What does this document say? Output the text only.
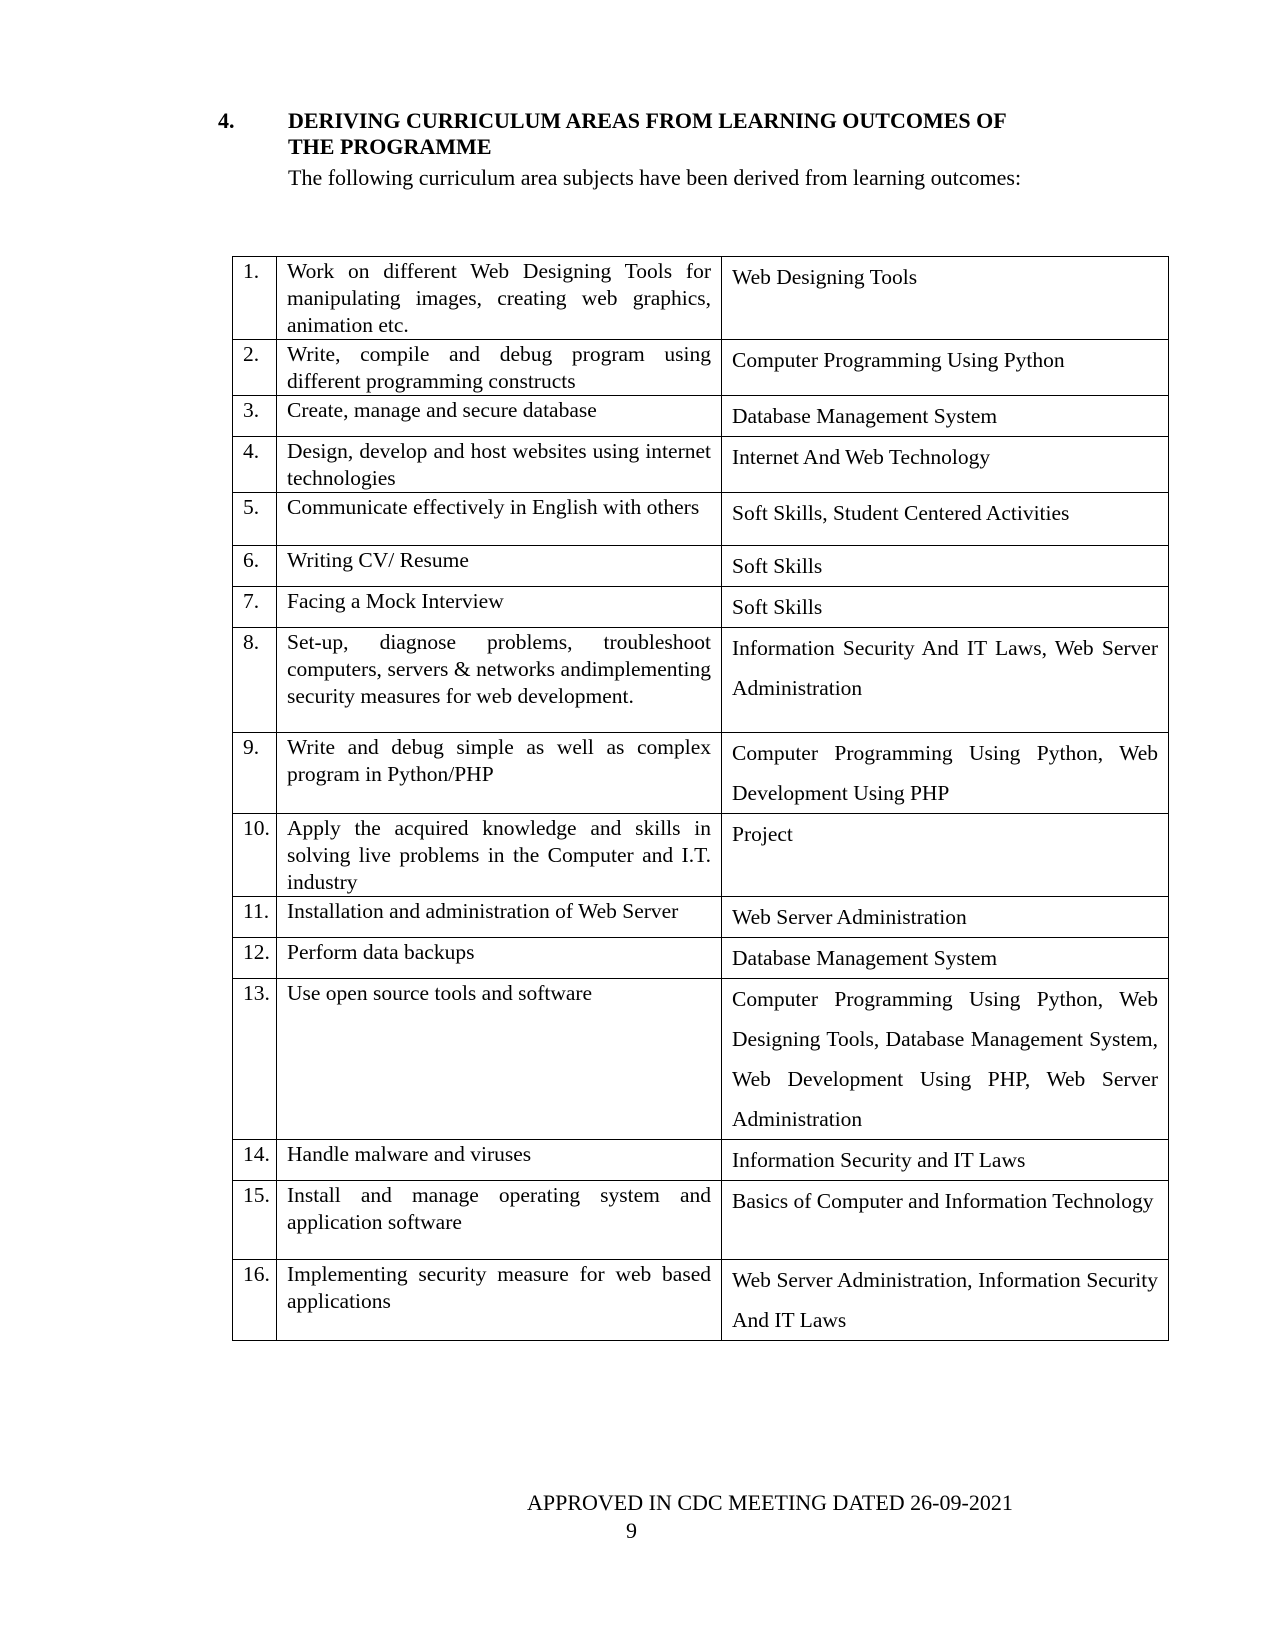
4. DERIVING CURRICULUM AREAS FROM LEARNING OUTCOMES OF THE PROGRAMME
The following curriculum area subjects have been derived from learning outcomes:
1.	Work on different Web Designing Tools for manipulating images, creating web graphics, animation etc.	Web Designing Tools
2.	Write, compile and debug program using different programming constructs	Computer Programming Using Python
3.	Create, manage and secure database	Database Management System
4.	Design, develop and host websites using internet technologies	Internet And Web Technology
5.	Communicate effectively in English with others	Soft Skills, Student Centered Activities
6.	Writing CV/ Resume	Soft Skills
7.	Facing a Mock Interview	Soft Skills
8.	Set-up, diagnose problems, troubleshoot computers, servers & networks andimplementing security measures for web development.	Information Security And IT Laws, Web Server Administration
9.	Write and debug simple as well as complex program in Python/PHP	Computer Programming Using Python, Web Development Using PHP
10.	Apply the acquired knowledge and skills in solving live problems in the Computer and I.T. industry	Project
11.	Installation and administration of Web Server	Web Server Administration
12.	Perform data backups	Database Management System
13.	Use open source tools and software	Computer Programming Using Python, Web Designing Tools, Database Management System, Web Development Using PHP, Web Server Administration
14.	Handle malware and viruses	Information Security and IT Laws
15.	Install and manage operating system and application software	Basics of Computer and Information Technology
16.	Implementing security measure for web based applications	Web Server Administration, Information Security And IT Laws
APPROVED IN CDC MEETING DATED 26-09-2021
9
